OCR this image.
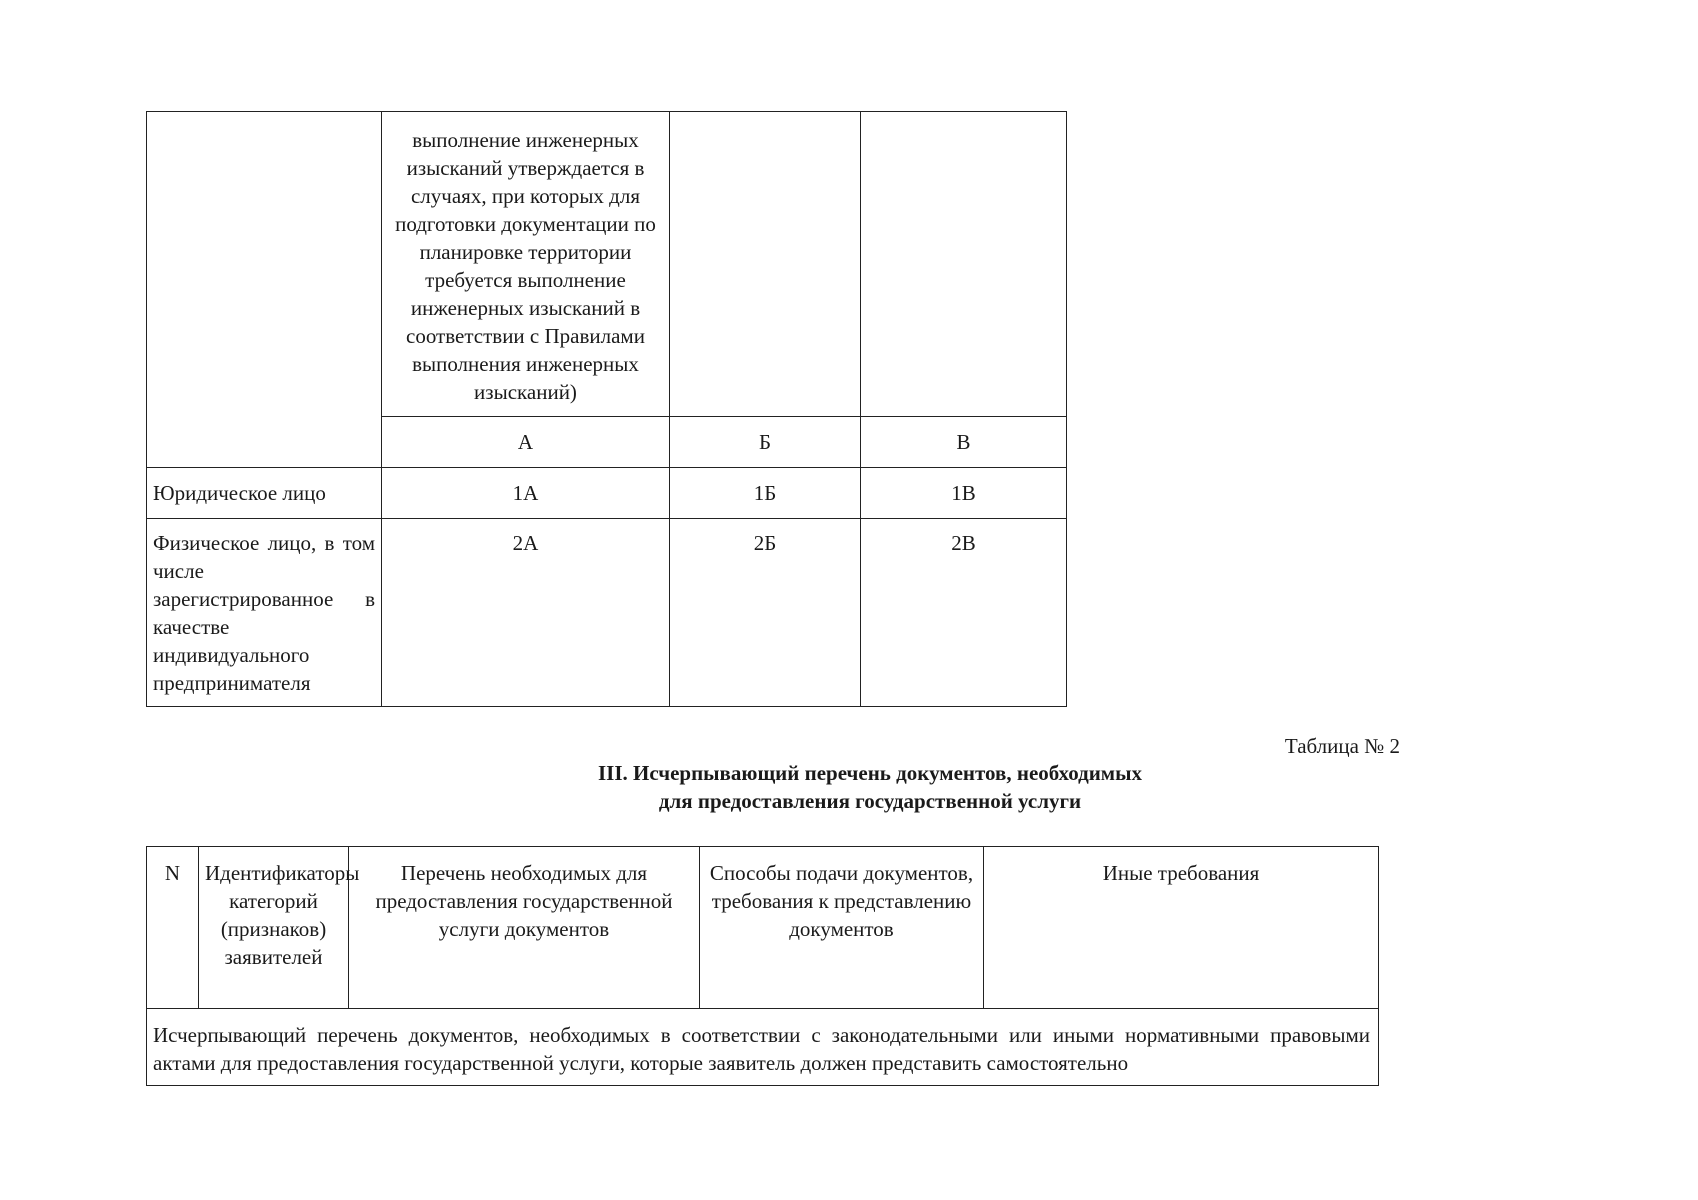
	выполнение инженерных изысканий утверждается в случаях, при которых для подготовки документации по планировке территории требуется выполнение инженерных изысканий в соответствии с Правилами выполнения инженерных изысканий)		
	А	Б	В
Юридическое лицо	1А	1Б	1В
Физическое лицо, в том числе зарегистрированное в качестве индивидуального предпринимателя	2А	2Б	2В
Таблица № 2
III. Исчерпывающий перечень документов, необходимых
для предоставления государственной услуги
N	Идентификаторы категорий (признаков) заявителей	Перечень необходимых для предоставления государственной услуги документов	Способы подачи документов, требования к представлению документов	Иные требования
Исчерпывающий перечень документов, необходимых в соответствии с законодательными или иными нормативными правовыми актами для предоставления государственной услуги, которые заявитель должен представить самостоятельно
